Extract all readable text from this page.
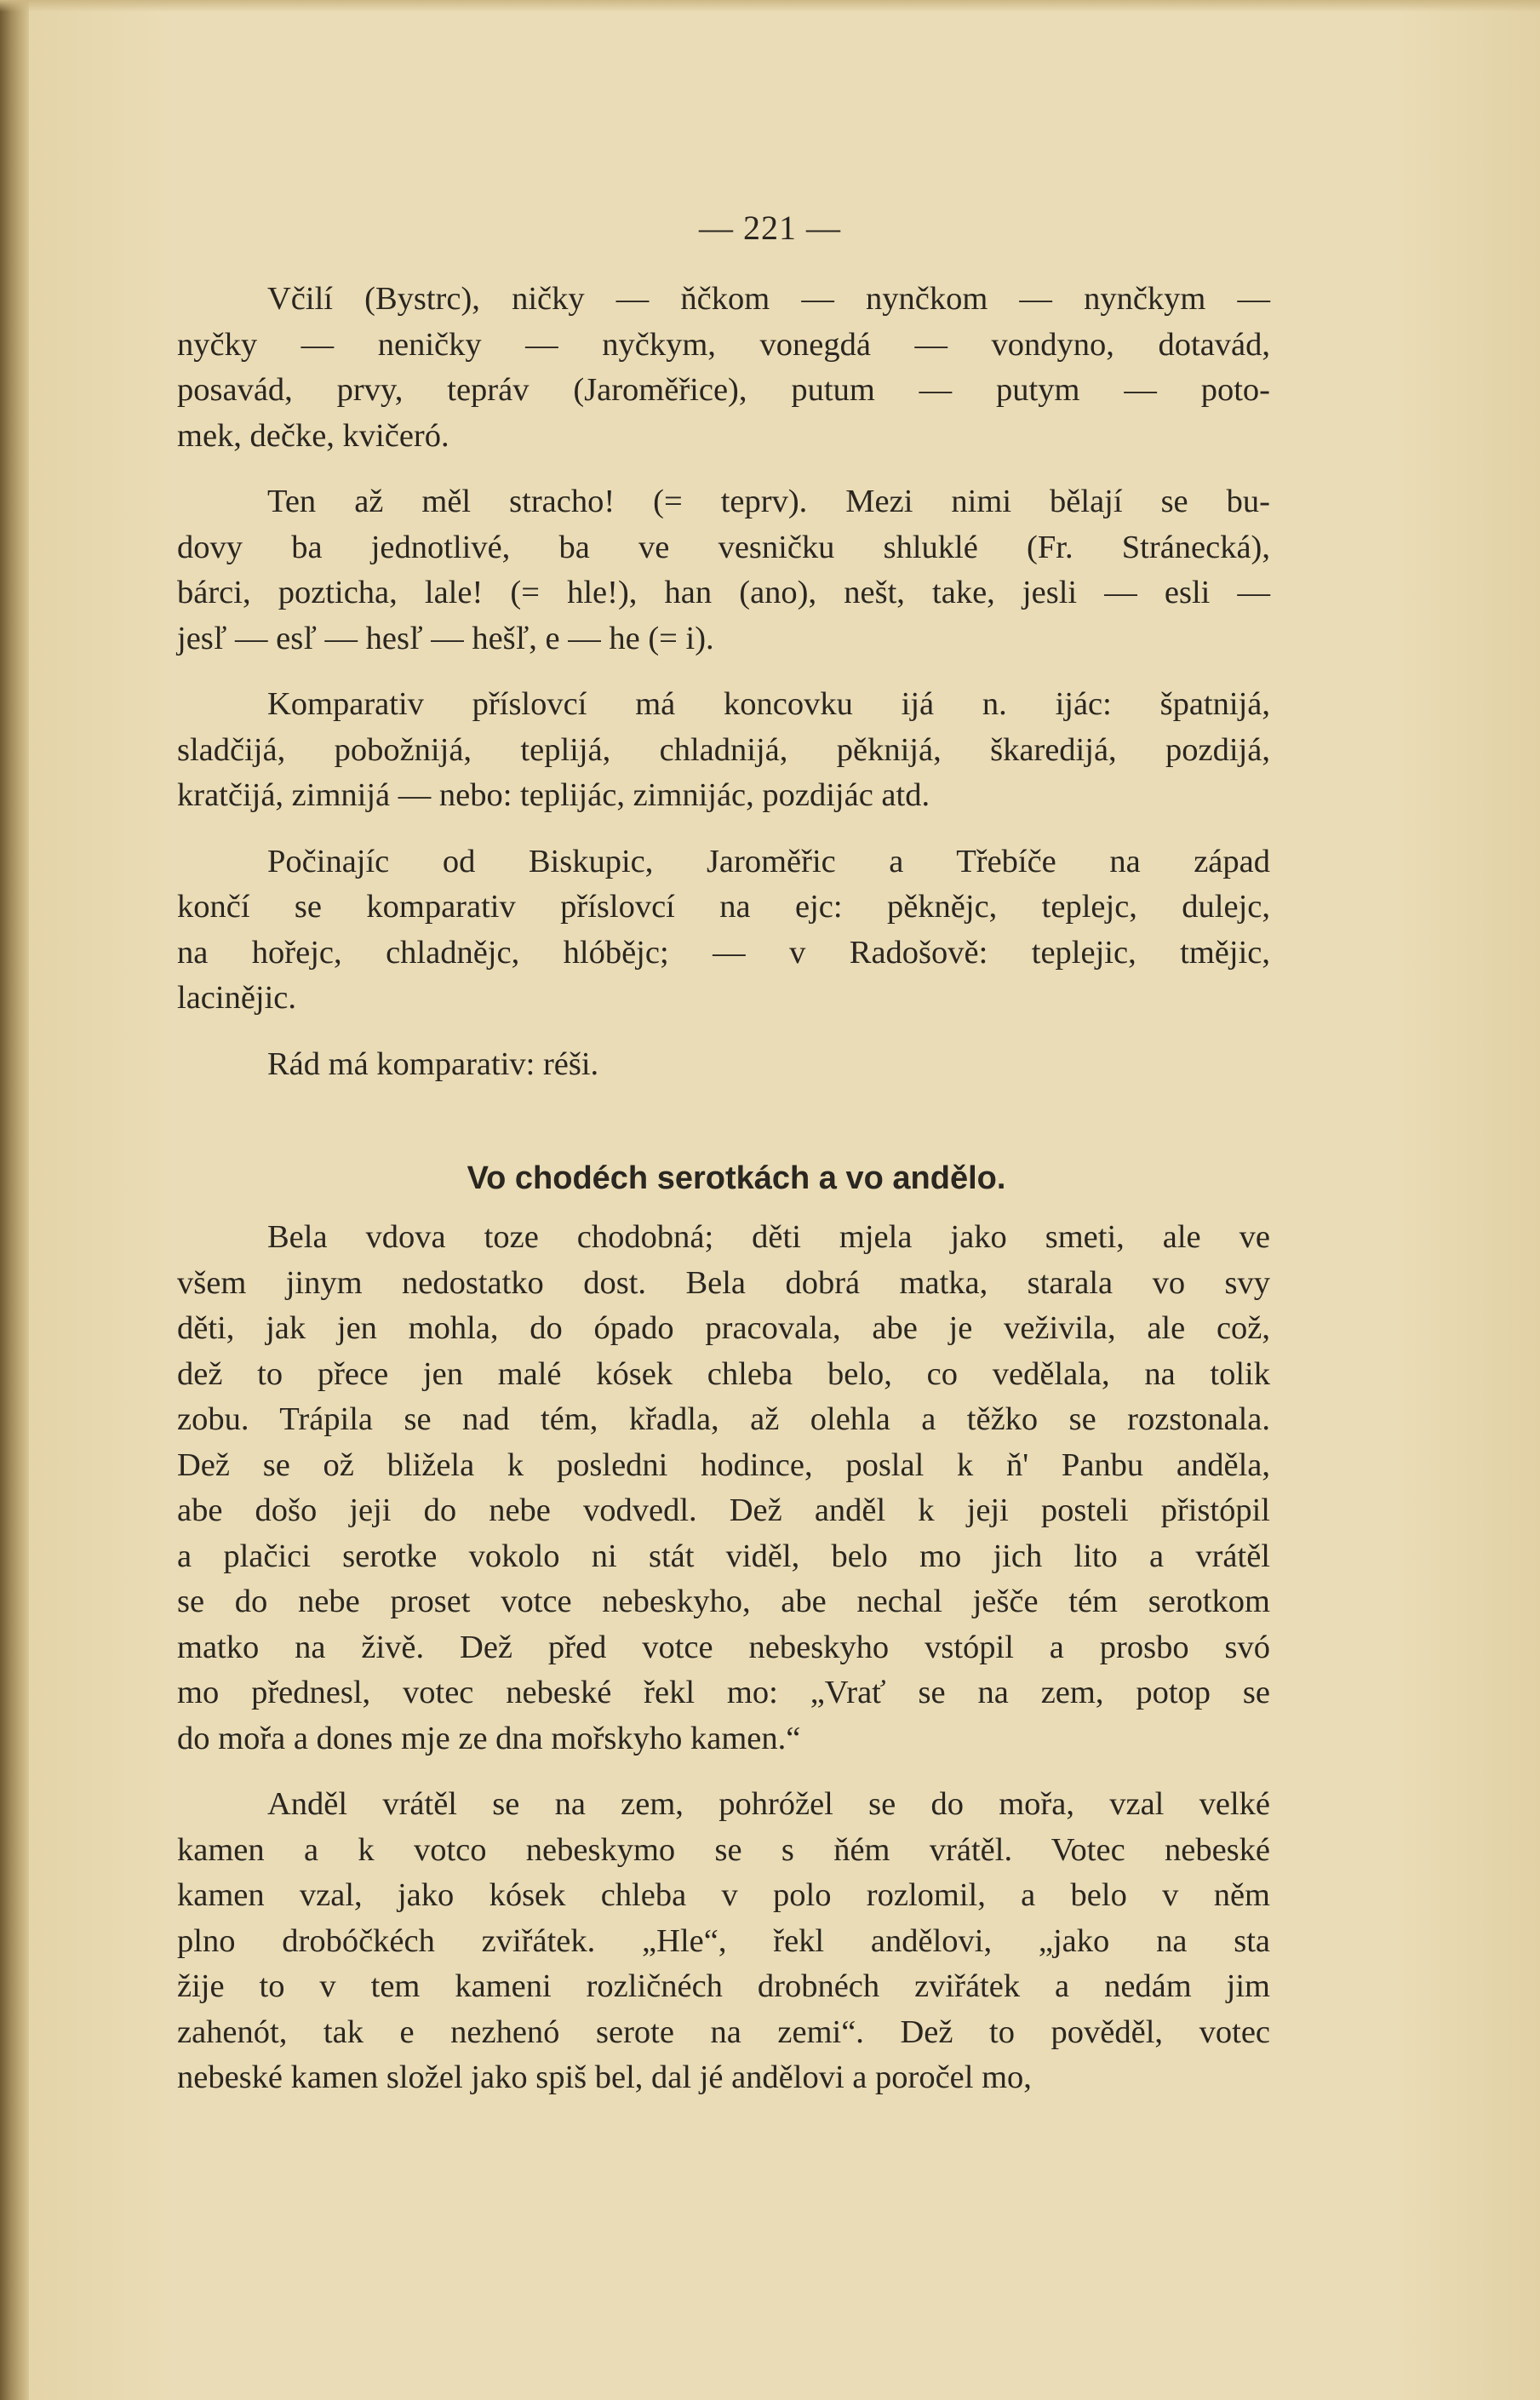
— 221 —
Včilí (Bystrc), ničky — ňčkom — nynčkom — nynčkym —
nyčky — neničky — nyčkym, vonegdá — vondyno, dotavád,
posavád, prvy, tepráv (Jaroměřice), putum — putym — poto-
mek, dečke, kvičeró.
Ten až měl stracho! (= teprv). Mezi nimi bělají se bu-
dovy ba jednotlivé, ba ve vesničku shluklé (Fr. Stránecká),
bárci, pozticha, lale! (= hle!), han (ano), nešt, take, jesli — esli —
jesľ — esľ — hesľ — hešľ, e — he (= i).
Komparativ příslovcí má koncovku ijá n. ijác: špatnijá,
sladčijá, pobožnijá, teplijá, chladnijá, pěknijá, škaredijá, pozdijá,
kratčijá, zimnijá — nebo: teplijác, zimnijác, pozdijác atd.
Počinajíc od Biskupic, Jaroměřic a Třebíče na západ
končí se komparativ příslovcí na ejc: pěknějc, teplejc, dulejc,
na hořejc, chladnějc, hlóbějc; — v Radošově: teplejic, tmějic,
laciněјic.
Rád má komparativ: réši.
Vo chodéch serotkách a vo andělo.
Bela vdova toze chodobná; děti mjela jako smeti, ale ve
všem jinym nedostatko dost. Bela dobrá matka, starala vo svy
děti, jak jen mohla, do ópado pracovala, abe je veživila, ale což,
dež to přece jen malé kósek chleba belo, co vedělala, na tolik
zobu. Trápila se nad tém, křadla, až olehla a těžko se rozstonala.
Dež se ož bližela k posledni hodince, poslal k ň' Panbu anděla,
abe došo jeji do nebe vodvedl. Dež anděl k jeji posteli přistópil
a plačici serotke vokolo ni stát viděl, belo mo jich lito a vrátěl
se do nebe proset votce nebeskyho, abe nechal ješče tém serotkom
matko na živě. Dež před votce nebeskyho vstópil a prosbo svó
mo přednesl, votec nebeské řekl mo: „Vrať se na zem, potop se
do mořa a dones mje ze dna mořskyho kamen.“
Anděl vrátěl se na zem, pohróžel se do mořa, vzal velké
kamen a k votco nebeskymo se s ňém vrátěl. Votec nebeské
kamen vzal, jako kósek chleba v polo rozlomil, a belo v něm
plno drobóčkéch zviřátek. „Hle“, řekl andělovi, „jako na sta
žije to v tem kameni rozličnéch drobnéch zviřátek a nedám jim
zahenót, tak e nezhenó serote na zemi“. Dež to pověděl, votec
nebeské kamen složel jako spiš bel, dal jé andělovi a poročel mo,
